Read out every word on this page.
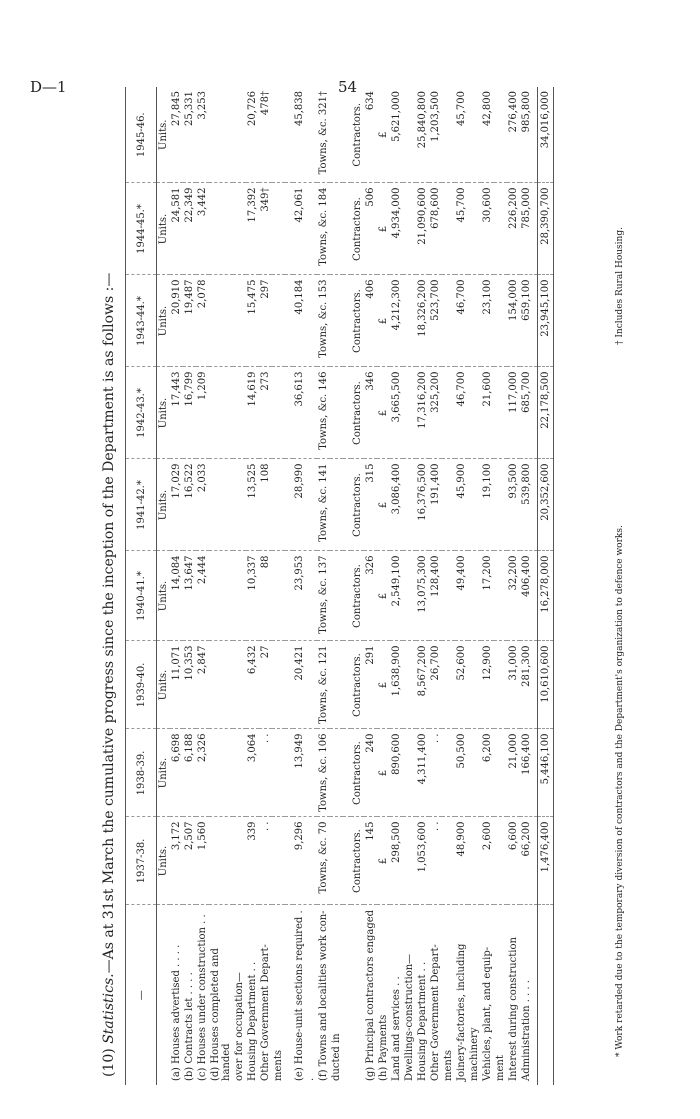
D—1	54
(10) Statistics.—As at 31st March the cumulative progress since the inception of the Department is as follows :—
—	1937-38.	1938-39.	1939-40.	1940-41.*	1941-42.*	1942-43.*	1943-44.*	1944-45.*	1945-46.
	Units.	Units.	Units.	Units.	Units.	Units.	Units.	Units.	Units.
(a) Houses advertised . . . .	3,172	6,698	11,071	14,084	17,029	17,443	20,910	24,581	27,845
(b) Contracts let . . . .	2,507	6,188	10,353	13,647	16,522	16,799	19,487	22,349	25,331
(c) Houses under construction . .	1,560	2,326	2,847	2,444	2,033	1,209	2,078	3,442	3,253
(d) Houses completed and handed									
over for occupation—									
Housing Department . .	339	3,064	6,432	10,337	13,525	14,619	15,475	17,392	20,726
Other Government Depart-	. .	. .	27	88	108	273	297	349†	478†
ments									

(e) House-unit sections required . .	9,296	13,949	20,421	23,953	28,990	36,613	40,184	42,061	45,838
(f) Towns and localities work con-	Towns, &c. 70	Towns, &c. 106	Towns, &c. 121	Towns, &c. 137	Towns, &c. 141	Towns, &c. 146	Towns, &c. 153	Towns, &c. 184	Towns, &c. 321†
ducted in									

	Contractors.	Contractors.	Contractors.	Contractors.	Contractors.	Contractors.	Contractors.	Contractors.	Contractors.
(g) Principal contractors engaged	145	240	291	326	315	346	406	506	634
(h) Payments	£	£	£	£	£	£	£	£	£
Land and services . .	298,500	890,600	1,638,900	2,549,100	3,086,400	3,665,500	4,212,300	4,934,000	5,621,000
Dwellings-construction—									
Housing Department . .	1,053,600	4,311,400	8,567,200	13,075,300	16,376,500	17,316,200	18,326,200	21,090,600	25,840,800
Other Government Depart-	. .	. .	26,700	128,400	191,400	325,200	523,700	678,600	1,203,500
ments									
Joinery-factories, including	48,900	50,500	52,600	49,400	45,900	46,700	46,700	45,700	45,700
machinery									
Vehicles, plant, and equip-	2,600	6,200	12,900	17,200	19,100	21,600	23,100	30,600	42,800
ment									
Interest during construction	6,600	21,000	31,000	32,200	93,500	117,000	154,000	226,200	276,400
Administration . . . .	66,200	166,400	281,300	406,400	539,800	685,700	659,100	785,000	985,800
	1,476,400	5,446,100	10,610,600	16,278,000	20,352,600	22,178,500	23,945,100	28,390,700	34,016,000
* Work retarded due to the temporary diversion of contractors and the Department's organization to defence works.
† Includes Rural Housing.
